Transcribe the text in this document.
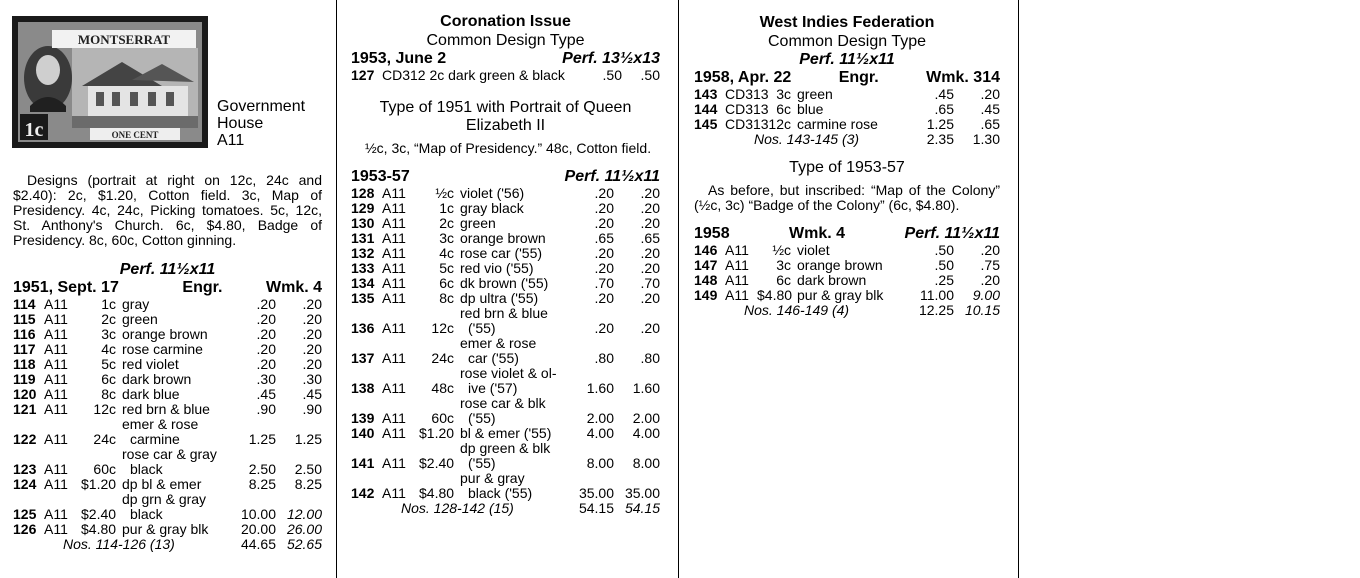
MONTSERRAT
1c	ONE CENT
Government
House
A11
Designs (portrait at right on 12c, 24c and $2.40): 2c, $1.20, Cotton field. 3c, Map of Presidency. 4c, 24c, Picking tomatoes. 5c, 12c, St. Anthony's Church. 6c, $4.80, Badge of Presidency. 8c, 60c, Cotton ginning.
Perf. 11½x11
1951, Sept. 17	Engr.	Wmk. 4
114 A11	1c gray	.20	.20
115 A11	2c green	.20	.20
116 A11	3c orange brown	.20	.20
117 A11	4c rose carmine	.20	.20
118 A11	5c red violet	.20	.20
119 A11	6c dark brown	.30	.30
120 A11	8c dark blue	.45	.45
121 A11	12c red brn & blue	.90	.90
122 A11	24c
emer & rose
carmine	1.25	1.25
123 A11	60c
rose car & gray
black	2.50	2.50
124 A11 $1.20 dp bl & emer	8.25	8.25
125 A11 $2.40
dp grn & gray
black	10.00 12.00
126 A11 $4.80 pur & gray blk	20.00 26.00
Nos. 114-126 (13)	44.65 52.65
Coronation Issue
Common Design Type
1953, June 2	Perf. 13½x13
127 CD312 2c dark green & black	.50	.50
Type of 1951 with Portrait of Queen Elizabeth II
½c, 3c, “Map of Presidency.” 48c, Cotton field.
1953-57	Perf. 11½x11
128 A11	½c violet ('56)	.20	.20
129 A11	1c gray black	.20	.20
130 A11	2c green	.20	.20
131 A11	3c orange brown	.65	.65
132 A11	4c rose car ('55)	.20	.20
133 A11	5c red vio ('55)	.20	.20
134 A11	6c dk brown ('55)	.70	.70
135 A11	8c dp ultra ('55)	.20	.20
136 A11	12c
red brn & blue
('55)	.20	.20
137 A11	24c
emer & rose
car ('55)	.80	.80
138 A11	48c
rose violet & ol-
ive ('57)	1.60	1.60
139 A11	60c
rose car & blk
('55)	2.00	2.00
140 A11 $1.20 bl & emer ('55)	4.00	4.00
141 A11 $2.40
dp green & blk
('55)	8.00	8.00
142 A11 $4.80
pur & gray
black ('55)	35.00 35.00
Nos. 128-142 (15)	54.15 54.15
West Indies Federation
Common Design Type
Perf. 11½x11
1958, Apr. 22	Engr.	Wmk. 314
143 CD313 3c green	.45	.20
144 CD313 6c blue	.65	.45
145 CD313 12c carmine rose	1.25	.65
Nos. 143-145 (3)	2.35	1.30
Type of 1953-57
As before, but inscribed: “Map of the Colony” (½c, 3c) “Badge of the Colony” (6c, $4.80).
1958	Wmk. 4	Perf. 11½x11
146 A11	½c violet	.50	.20
147 A11	3c orange brown	.50	.75
148 A11	6c dark brown	.25	.20
149 A11 $4.80 pur & gray blk	11.00	9.00
Nos. 146-149 (4)	12.25 10.15
